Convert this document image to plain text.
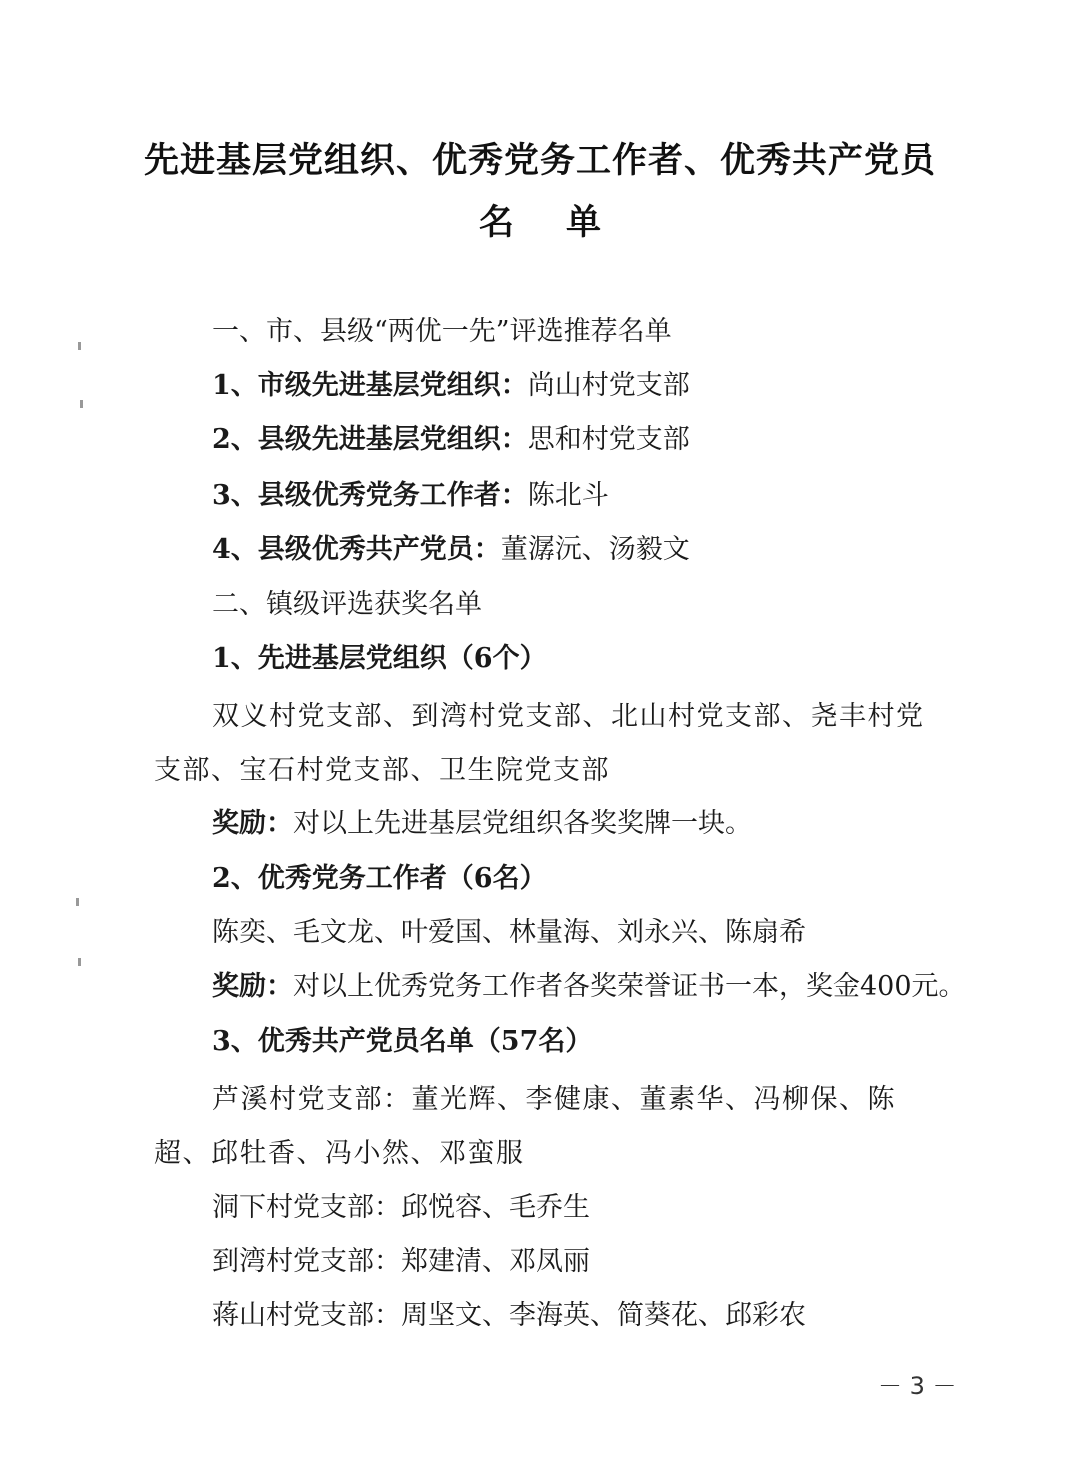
先进基层党组织、优秀党务工作者、优秀共产党员
名单
一、市、县级“两优一先”评选推荐名单
1、市级先进基层党组织：尚山村党支部
2、县级先进基层党组织：思和村党支部
3、县级优秀党务工作者：陈北斗
4、县级优秀共产党员：董潺沅、汤毅文
二、镇级评选获奖名单
1、先进基层党组织（6个）
双义村党支部、到湾村党支部、北山村党支部、尧丰村党支部、宝石村党支部、卫生院党支部
奖励：对以上先进基层党组织各奖奖牌一块。
2、优秀党务工作者（6名）
陈奕、毛文龙、叶爱国、林量海、刘永兴、陈扇希
奖励：对以上优秀党务工作者各奖荣誉证书一本，奖金400元。
3、优秀共产党员名单（57名）
芦溪村党支部：董光辉、李健康、董素华、冯柳保、陈　超、邱牡香、冯小然、邓蛮服
洞下村党支部：邱悦容、毛乔生
到湾村党支部：郑建清、邓凤丽
蒋山村党支部：周坚文、李海英、简葵花、邱彩农
－ 3 －
